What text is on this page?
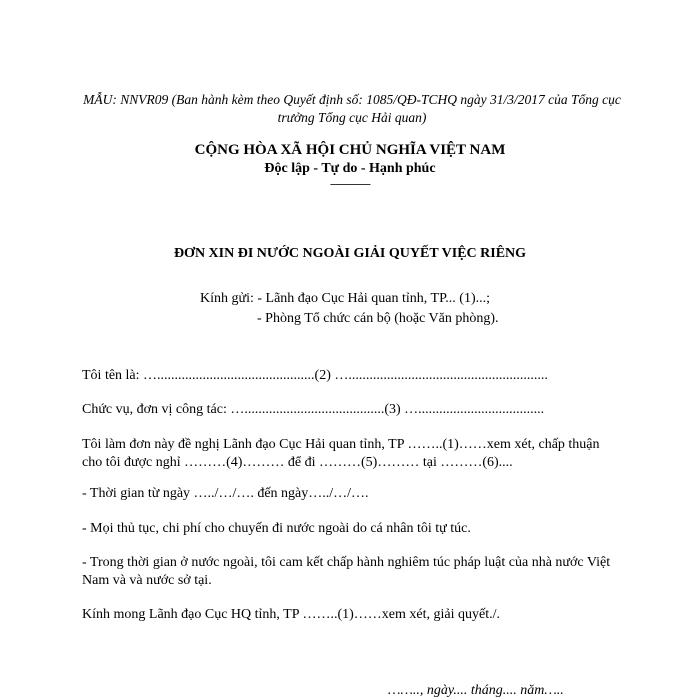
MẪU: NNVR09 (Ban hành kèm theo Quyết định số: 1085/QĐ-TCHQ ngày 31/3/2017 của Tổng cục trưởng Tổng cục Hải quan)
CỘNG HÒA XÃ HỘI CHỦ NGHĨA VIỆT NAM
Độc lập - Tự do - Hạnh phúc
---------------
ĐƠN XIN ĐI NƯỚC NGOÀI GIẢI QUYẾT VIỆC RIÊNG
Kính gửi: - Lãnh đạo Cục Hải quan tỉnh, TP... (1)...;
- Phòng Tổ chức cán bộ (hoặc Văn phòng).
Tôi tên là: ….............................................(2) ….........................................................
Chức vụ, đơn vị công tác: …........................................(3) …....................................
Tôi làm đơn này đề nghị Lãnh đạo Cục Hải quan tỉnh, TP ……..(1)……xem xét, chấp thuận cho tôi được nghỉ ………(4)……… để đi ………(5)……… tại ………(6)....
- Thời gian từ ngày …../…/…. đến ngày…../…/….
- Mọi thủ tục, chi phí cho chuyến đi nước ngoài do cá nhân tôi tự túc.
- Trong thời gian ở nước ngoài, tôi cam kết chấp hành nghiêm túc pháp luật của nhà nước Việt Nam và và nước sở tại.
Kính mong Lãnh đạo Cục HQ tỉnh, TP ……..(1)……xem xét, giải quyết./.
…….., ngày.... tháng.... năm…..
